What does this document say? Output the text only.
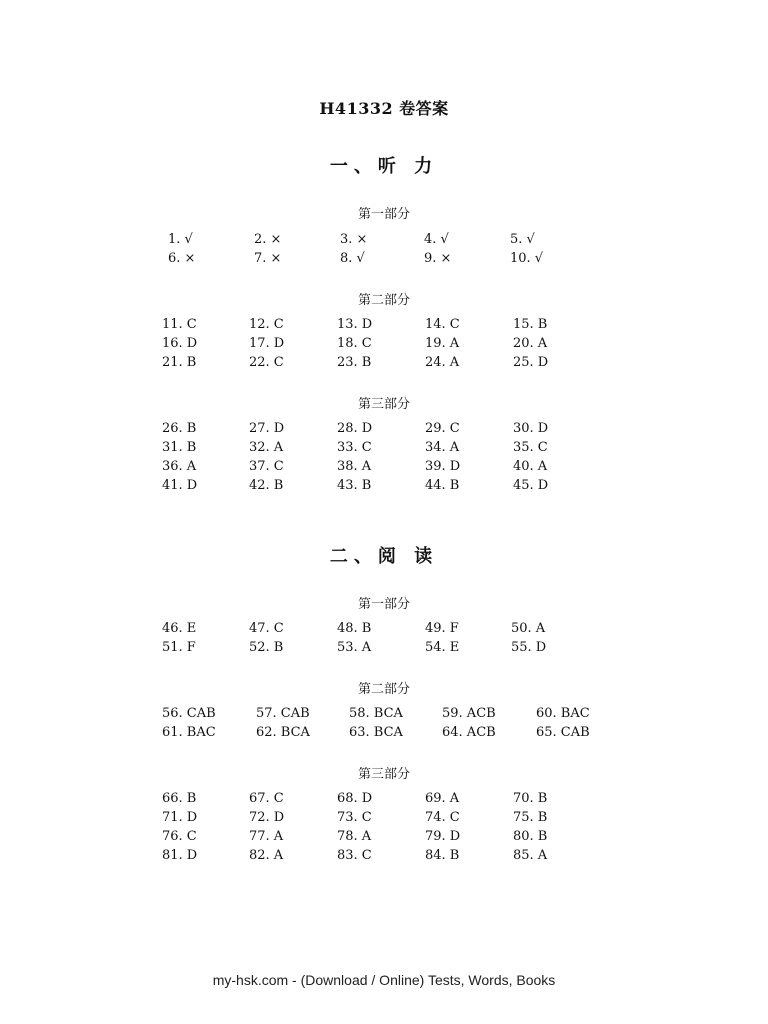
H41332 卷答案
一、听 力
第一部分
第二部分
第三部分
二、阅 读
第一部分
第二部分
第三部分
my-hsk.com - (Download / Online) Tests, Words, Books
1. √	2. ×	3. ×	4. √	5. √
6. ×	7. ×	8. √	9. ×	10. √
11. C	12. C	13. D	14. C	15. B
16. D	17. D	18. C	19. A	20. A
21. B	22. C	23. B	24. A	25. D
26. B	27. D	28. D	29. C	30. D
31. B	32. A	33. C	34. A	35. C
36. A	37. C	38. A	39. D	40. A
41. D	42. B	43. B	44. B	45. D
46. E	47. C	48. B	49. F	50. A
51. F	52. B	53. A	54. E	55. D
56. CAB	57. CAB	58. BCA	59. ACB	60. BAC
61. BAC	62. BCA	63. BCA	64. ACB	65. CAB
66. B	67. C	68. D	69. A	70. B
71. D	72. D	73. C	74. C	75. B
76. C	77. A	78. A	79. D	80. B
81. D	82. A	83. C	84. B	85. A
